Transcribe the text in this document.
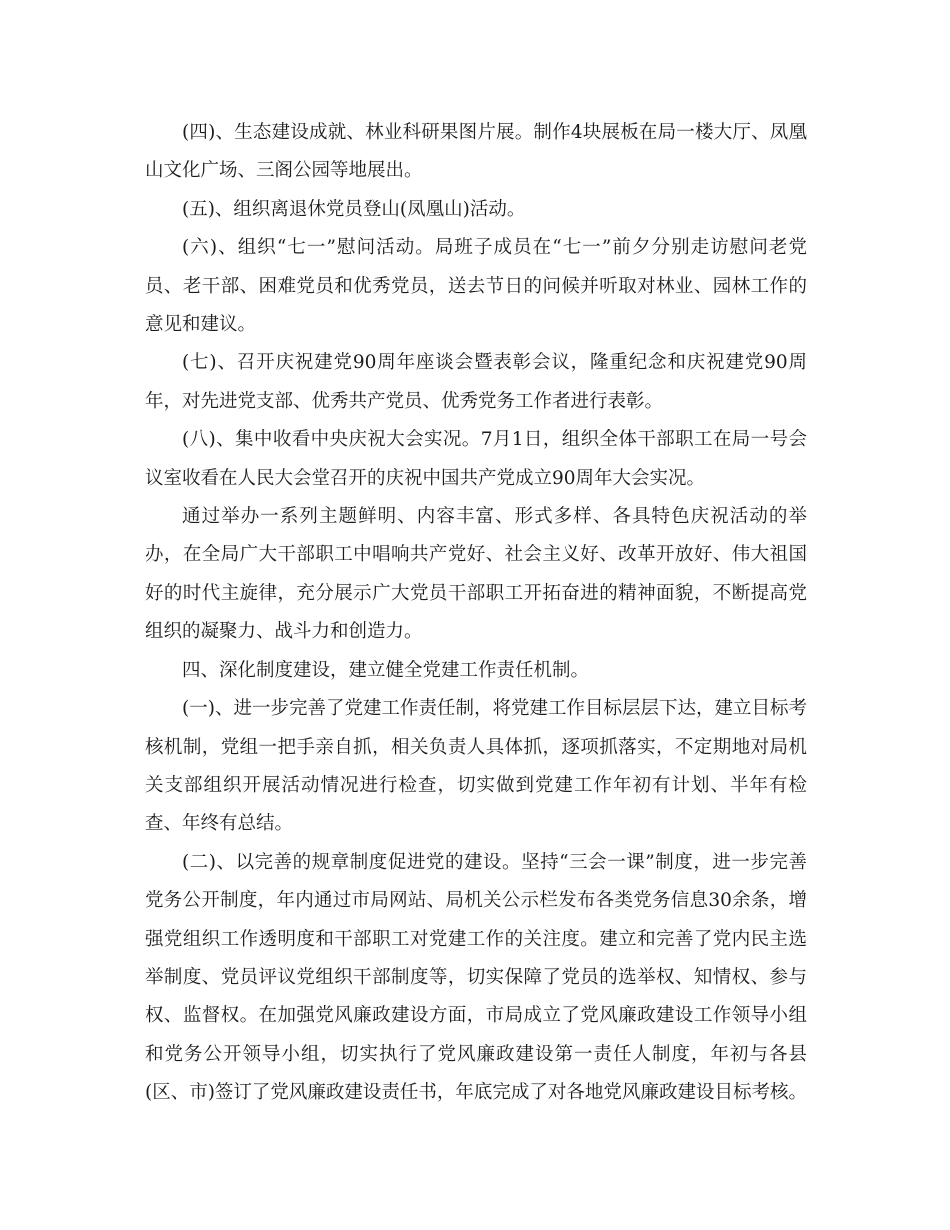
(四)、生态建设成就、林业科研果图片展。制作4块展板在局一楼大厅、凤凰山文化广场、三阁公园等地展出。

(五)、组织离退休党员登山(凤凰山)活动。

(六)、组织“七一”慰问活动。局班子成员在“七一”前夕分别走访慰问老党员、老干部、困难党员和优秀党员，送去节日的问候并听取对林业、园林工作的意见和建议。

(七)、召开庆祝建党90周年座谈会暨表彰会议，隆重纪念和庆祝建党90周年，对先进党支部、优秀共产党员、优秀党务工作者进行表彰。

(八)、集中收看中央庆祝大会实况。7月1日，组织全体干部职工在局一号会议室收看在人民大会堂召开的庆祝中国共产党成立90周年大会实况。

通过举办一系列主题鲜明、内容丰富、形式多样、各具特色庆祝活动的举办，在全局广大干部职工中唱响共产党好、社会主义好、改革开放好、伟大祖国好的时代主旋律，充分展示广大党员干部职工开拓奋进的精神面貌，不断提高党组织的凝聚力、战斗力和创造力。

四、深化制度建设，建立健全党建工作责任机制。

(一)、进一步完善了党建工作责任制，将党建工作目标层层下达，建立目标考核机制，党组一把手亲自抓，相关负责人具体抓，逐项抓落实，不定期地对局机关支部组织开展活动情况进行检查，切实做到党建工作年初有计划、半年有检查、年终有总结。

(二)、以完善的规章制度促进党的建设。坚持“三会一课”制度，进一步完善党务公开制度，年内通过市局网站、局机关公示栏发布各类党务信息30余条，增强党组织工作透明度和干部职工对党建工作的关注度。建立和完善了党内民主选举制度、党员评议党组织干部制度等，切实保障了党员的选举权、知情权、参与权、监督权。在加强党风廉政建设方面，市局成立了党风廉政建设工作领导小组和党务公开领导小组，切实执行了党风廉政建设第一责任人制度，年初与各县(区、市)签订了党风廉政建设责任书，年底完成了对各地党风廉政建设目标考核。
